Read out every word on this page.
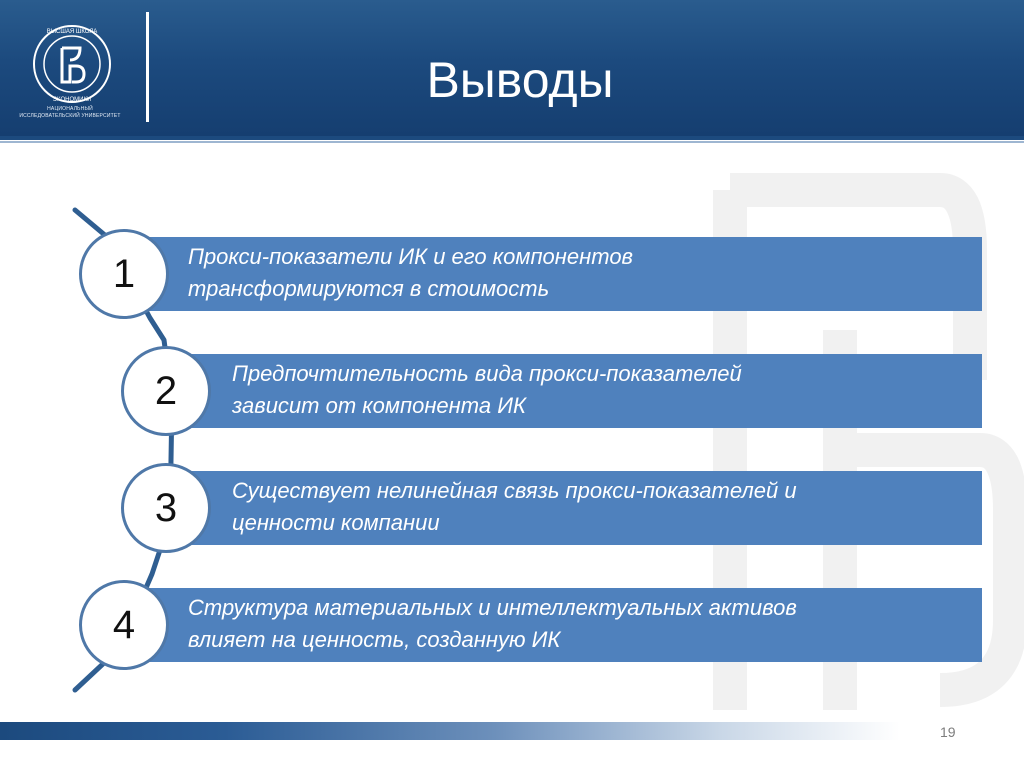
ВЫСШАЯ ШКОЛА
ЭКОНОМИКИ
НАЦИОНАЛЬНЫЙ ИССЛЕДОВАТЕЛЬСКИЙ УНИВЕРСИТЕТ
Выводы
Прокси-показатели ИК и его компонентов
трансформируются в стоимость
1
Предпочтительность вида прокси-показателей
зависит от компонента ИК
2
Существует нелинейная связь прокси-показателей и
ценности компании
3
Структура материальных и интеллектуальных активов
влияет на ценность, созданную ИК
4
19
